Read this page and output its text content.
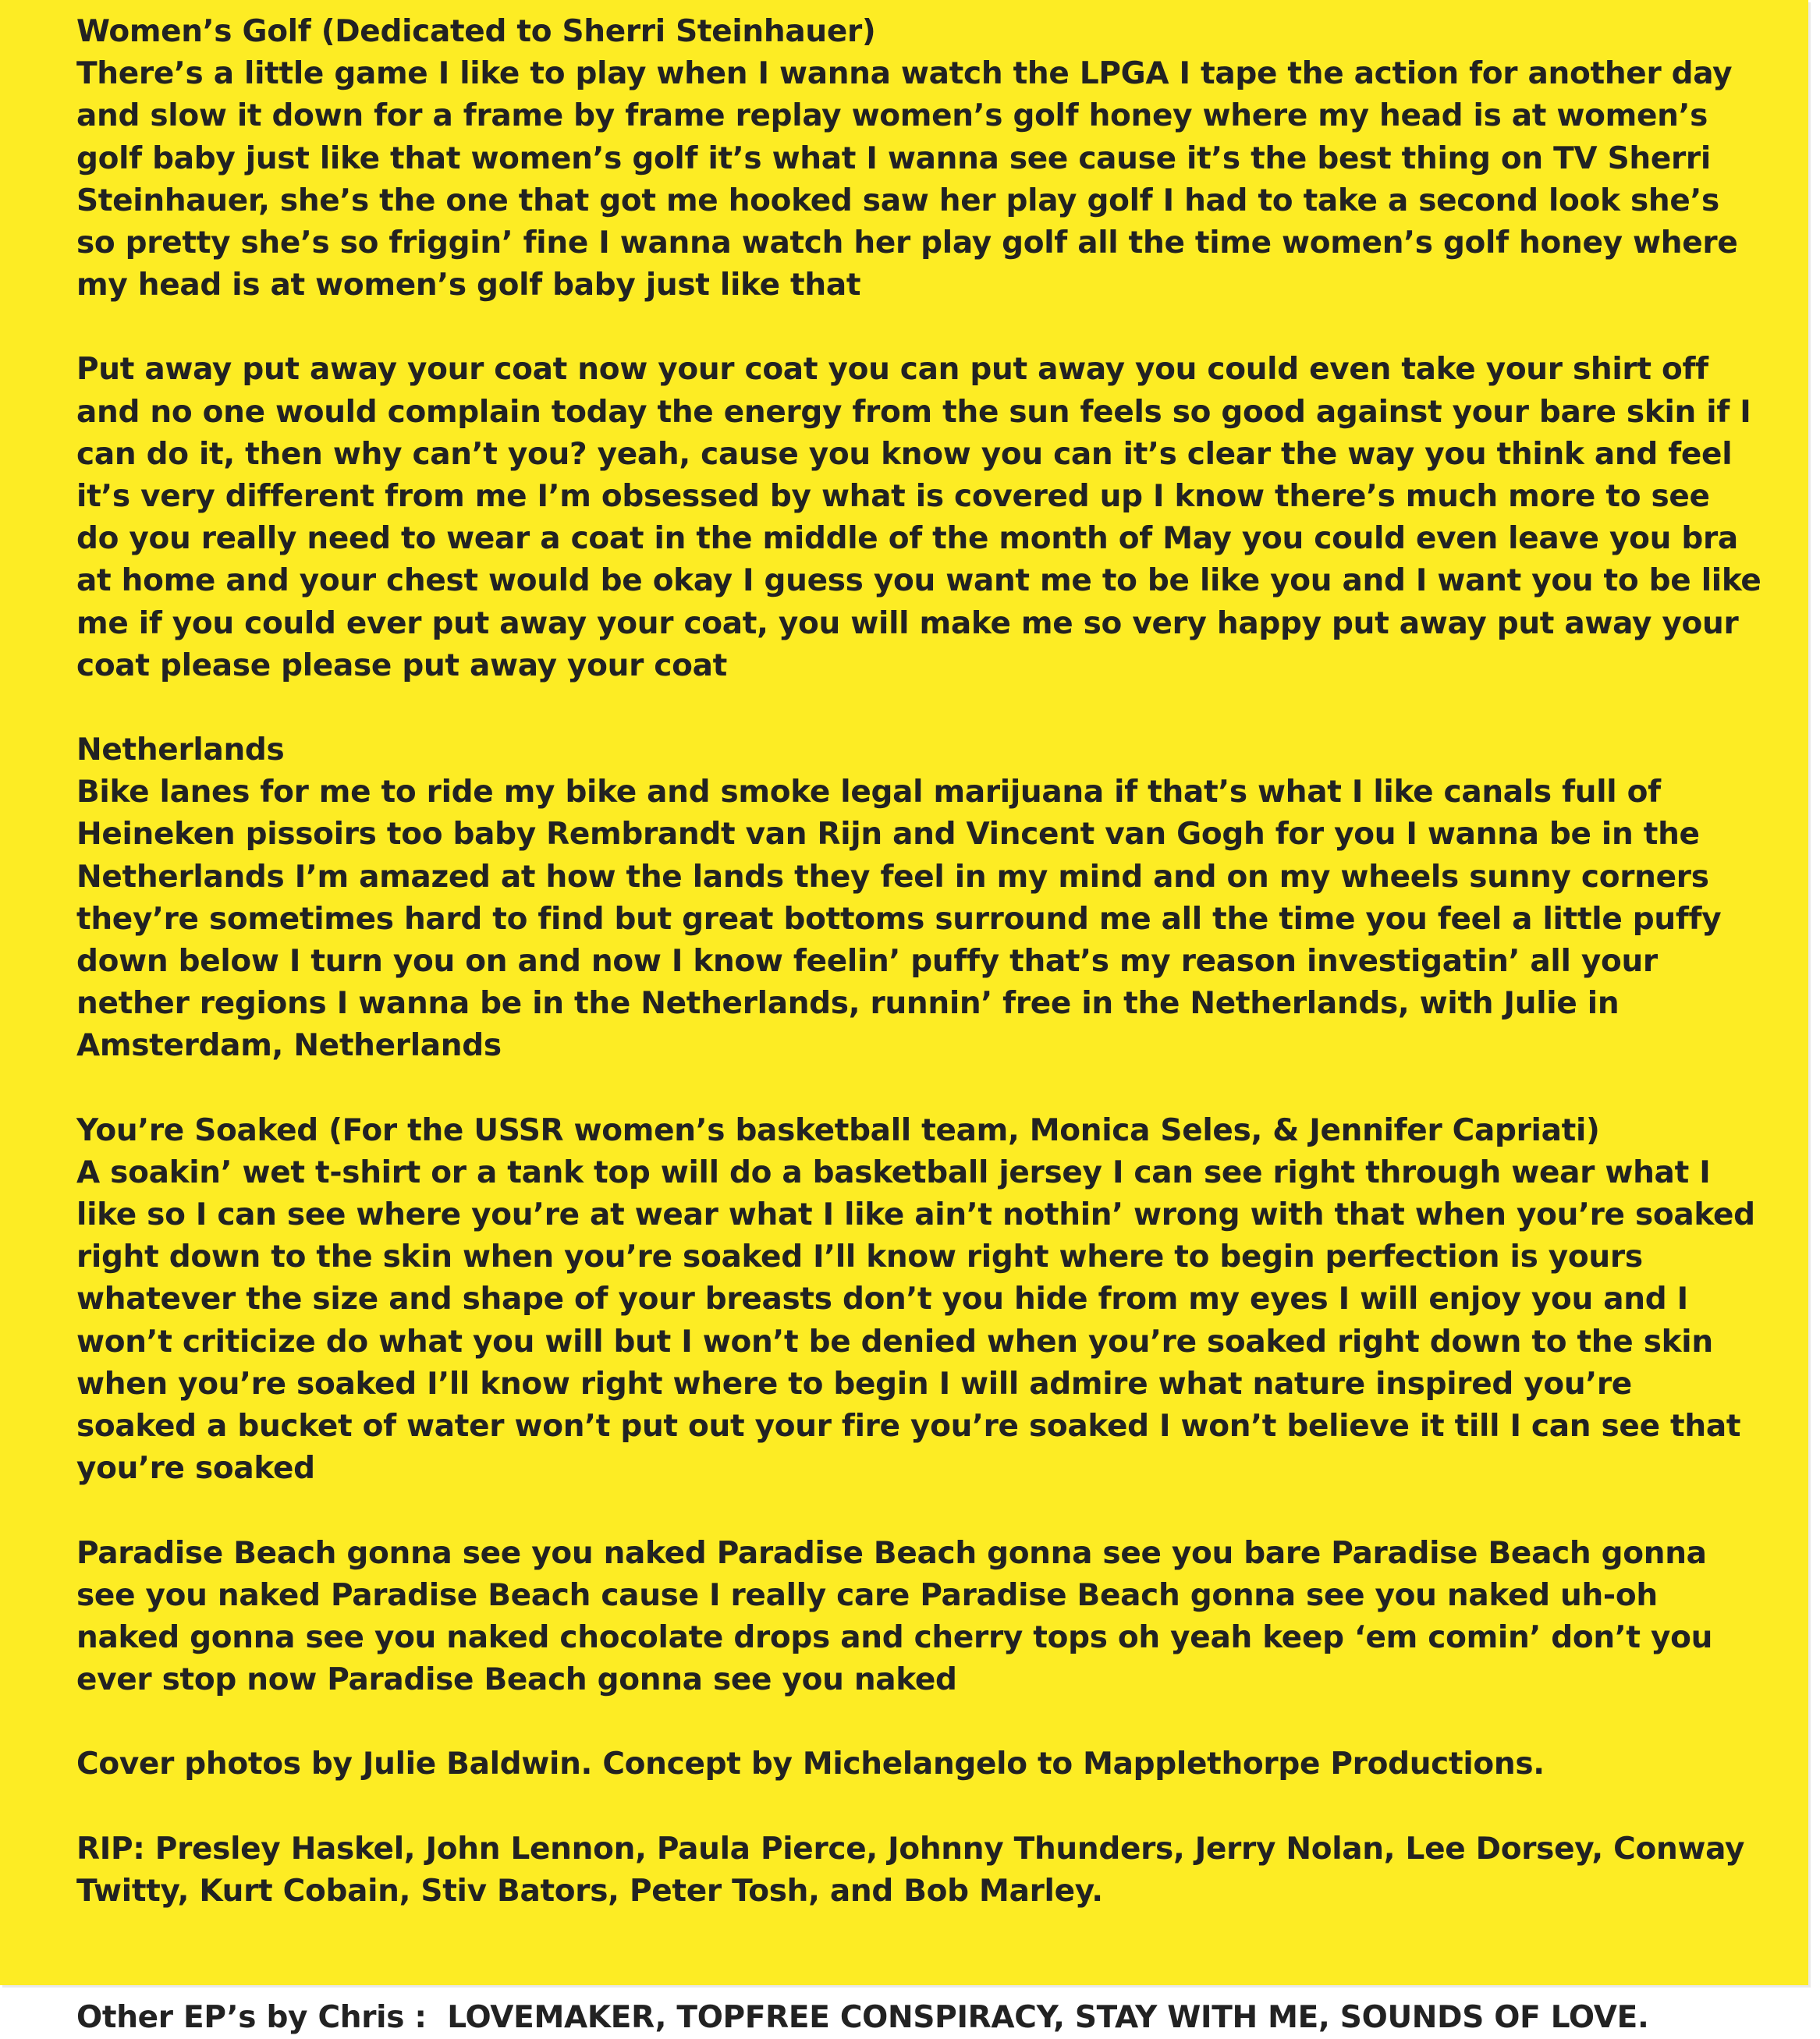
Women’s Golf (Dedicated to Sherri Steinhauer)

There’s a little game I like to play when I wanna watch the LPGA I tape the action for another day and slow it down for a frame by frame replay women’s golf honey where my head is at women’s golf baby just like that women’s golf it’s what I wanna see cause it’s the best thing on TV Sherri Steinhauer, she’s the one that got me hooked saw her play golf I had to take a second look she’s so pretty she’s so friggin’ fine I wanna watch her play golf all the time women’s golf honey where my head is at women’s golf baby just like that

Put away put away your coat now your coat you can put away you could even take your shirt off and no one would complain today the energy from the sun feels so good against your bare skin if I can do it, then why can’t you? yeah, cause you know you can it’s clear the way you think and feel it’s very different from me I’m obsessed by what is covered up I know there’s much more to see do you really need to wear a coat in the middle of the month of May you could even leave you bra at home and your chest would be okay I guess you want me to be like you and I want you to be like me if you could ever put away your coat, you will make me so very happy put away put away your coat please please put away your coat

Netherlands

Bike lanes for me to ride my bike and smoke legal marijuana if that’s what I like canals full of Heineken pissoirs too baby Rembrandt van Rijn and Vincent van Gogh for you I wanna be in the Netherlands I’m amazed at how the lands they feel in my mind and on my wheels sunny corners they’re sometimes hard to find but great bottoms surround me all the time you feel a little puffy down below I turn you on and now I know feelin’ puffy that’s my reason investigatin’ all your nether regions I wanna be in the Netherlands, runnin’ free in the Netherlands, with Julie in Amsterdam, Netherlands

You’re Soaked (For the USSR women’s basketball team, Monica Seles, & Jennifer Capriati)

A soakin’ wet t-shirt or a tank top will do a basketball jersey I can see right through wear what I like so I can see where you’re at wear what I like ain’t nothin’ wrong with that when you’re soaked right down to the skin when you’re soaked I’ll know right where to begin perfection is yours whatever the size and shape of your breasts don’t you hide from my eyes I will enjoy you and I won’t criticize do what you will but I won’t be denied when you’re soaked right down to the skin when you’re soaked I’ll know right where to begin I will admire what nature inspired you’re soaked a bucket of water won’t put out your fire you’re soaked I won’t believe it till I can see that you’re soaked

Paradise Beach gonna see you naked Paradise Beach gonna see you bare Paradise Beach gonna see you naked Paradise Beach cause I really care Paradise Beach gonna see you naked uh-oh naked gonna see you naked chocolate drops and cherry tops oh yeah keep ‘em comin’ don’t you ever stop now Paradise Beach gonna see you naked

Cover photos by Julie Baldwin. Concept by Michelangelo to Mapplethorpe Productions.

RIP: Presley Haskel, John Lennon, Paula Pierce, Johnny Thunders, Jerry Nolan, Lee Dorsey, Conway Twitty, Kurt Cobain, Stiv Bators, Peter Tosh, and Bob Marley.

Other EP’s by Chris :  LOVEMAKER, TOPFREE CONSPIRACY, STAY WITH ME, SOUNDS OF LOVE.
